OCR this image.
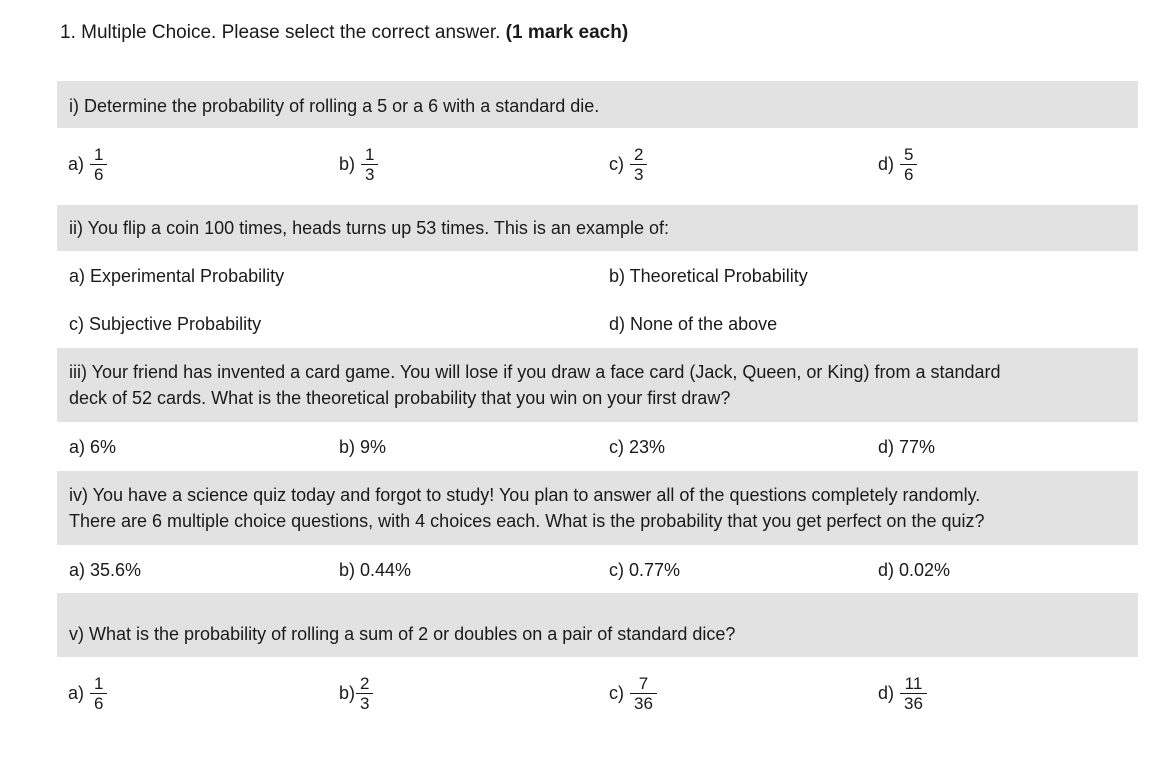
1. Multiple Choice. Please select the correct answer. (1 mark each)
i) Determine the probability of rolling a 5 or a 6 with a standard die.
$a) \frac{1}{6}$	$b) \frac{1}{3}$	$c) \frac{2}{3}$	$d) \frac{5}{6}$
ii) You flip a coin 100 times, heads turns up 53 times. This is an example of:
a) Experimental Probability	b) Theoretical Probability
c) Subjective Probability	d) None of the above
iii) Your friend has invented a card game. You will lose if you draw a face card (Jack, Queen, or King) from a standard
deck of 52 cards. What is the theoretical probability that you win on your first draw?
a) 6%	b) 9%	c) 23%	d) 77%
iv) You have a science quiz today and forgot to study! You plan to answer all of the questions completely randomly.
There are 6 multiple choice questions, with 4 choices each. What is the probability that you get perfect on the quiz?
a) 35.6%	b) 0.44%	c) 0.77%	d) 0.02%
v) What is the probability of rolling a sum of 2 or doubles on a pair of standard dice?
$a) \frac{1}{6}$	$b) \frac{2}{3}$	$c) \frac{7}{36}$	$d) \frac{11}{36}$
